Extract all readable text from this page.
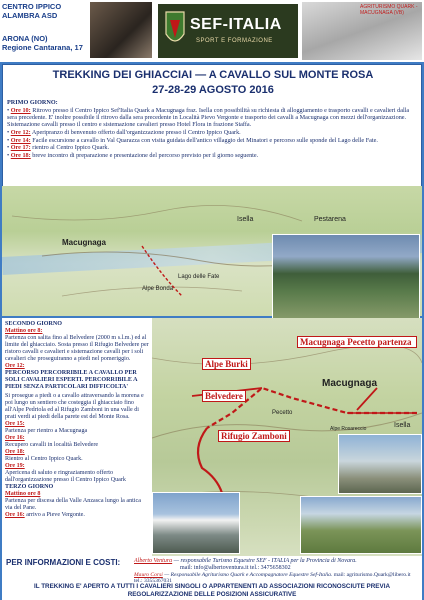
CENTRO IPPICO
ALAMBRA ASD
ARONA (NO)
Regione Cantarana, 17
SEF-ITALIA
SPORT E FORMAZIONE
AGRITURISMO QUARK - MACUGNAGA (VB)
TREKKING DEI GHIACCIAI — A CAVALLO SUL MONTE ROSA
27-28-29 AGOSTO 2016

PRIMO GIORNO:

• Ore 10: Ritrovo presso il Centro Ippico Sef'Italia Quark a Macugnaga fraz. Isella con possibilità su richiesta di alloggiamento e trasporto cavalli e cavalieri dalla sera precedente. E' inoltre possibile il ritrovo dalla sera precedente in Località Pievo Vergonte e trasporto dei cavalli a Macugnaga con mezzi dell'organizzazione. Sistemazione cavalli presso il centro e sistemazione cavalieri presso Hotel Flora in frazione Staffa.

• Ore 12: Aperipranzo di benvenuto offerto dall'organizzazione presso il Centro Ippico Quark.

• Ore 14: Facile escursione a cavallo in Val Quarazza con visita guidata dell'antico villaggio dei Minatori e percorso sulle sponde del Lago delle Fate.

• Ore 17: rientro al Centro Ippico Quark.

• Ore 18: breve incontro di preparazione e presentazione del percorso previsto per il giorno seguente.

Macugnaga
Isella	Pestarena
Alpe Bonda
Lago delle Fate
SECONDO GIORNO
Mattino ore 8:
Partenza con salita fino al Belvedere (2000 m s.l.m.) ed al limite del ghiacciaio. Sosta presso il Rifugio Belvedere per ristoro cavalli e cavalieri e sistemazione cavalli per i soli cavalieri che proseguiranno a piedi nel pomeriggio.
Ore 12:
PERCORSO PERCORRIBILE A CAVALLO PER SOLI CAVALIERI ESPERTI. PERCORRIBILE A PIEDI SENZA PARTICOLARI DIFFICOLTA'
Si prosegue a piedi o a cavallo attraversando la morena e poi lungo un sentiero che costeggia il ghiacciaio fino all'Alpe Pedriola ed al Rifugio Zamboni in una valle di prati verdi ai piedi della parete est del Monte Rosa.
Ore 15:
Partenza per rientro a Macugnaga
Ore 16:
Recupero cavalli in località Belvedere
Ore 18:
Rientro al Centro Ippico Quark.
Ore 19:
Apericena di saluto e ringraziamento offerto dall'organizzazione presso il Centro Ippico Quark
TERZO GIORNO
Mattino ore 8
Partenza per discesa della Valle Anzasca lungo la antica via del Pane.
Ore 16: arrivo a Pieve Vergonte.
Alpe Burki
Belvedere
Macugnaga Pecetto partenza
Rifugio Zamboni
Macugnaga
Alpe Rosareccio	Isella
Pecetto
PER INFORMAZIONI E COSTI: Alberto Ventura — responsabile Turismo Equestre SEF - ITALIA per la Provincia di Novara.
mail: info@albertoventura.it tel.: 3475658302
Mauro Corsi — Responsabile Agriturismo Quark e Accompagnatore Equestre Sef-Italia. mail: agriturismo.Quark@libero.it tel.: 3355367031
IL TREKKING E' APERTO A TUTTI I CAVALIERI SINGOLI O APPARTENENTI AD ASSOCIAZIONI RICONOSCIUTE PREVIA REGOLARIZZAZIONE DELLE POSIZIONI ASSICURATIVE
